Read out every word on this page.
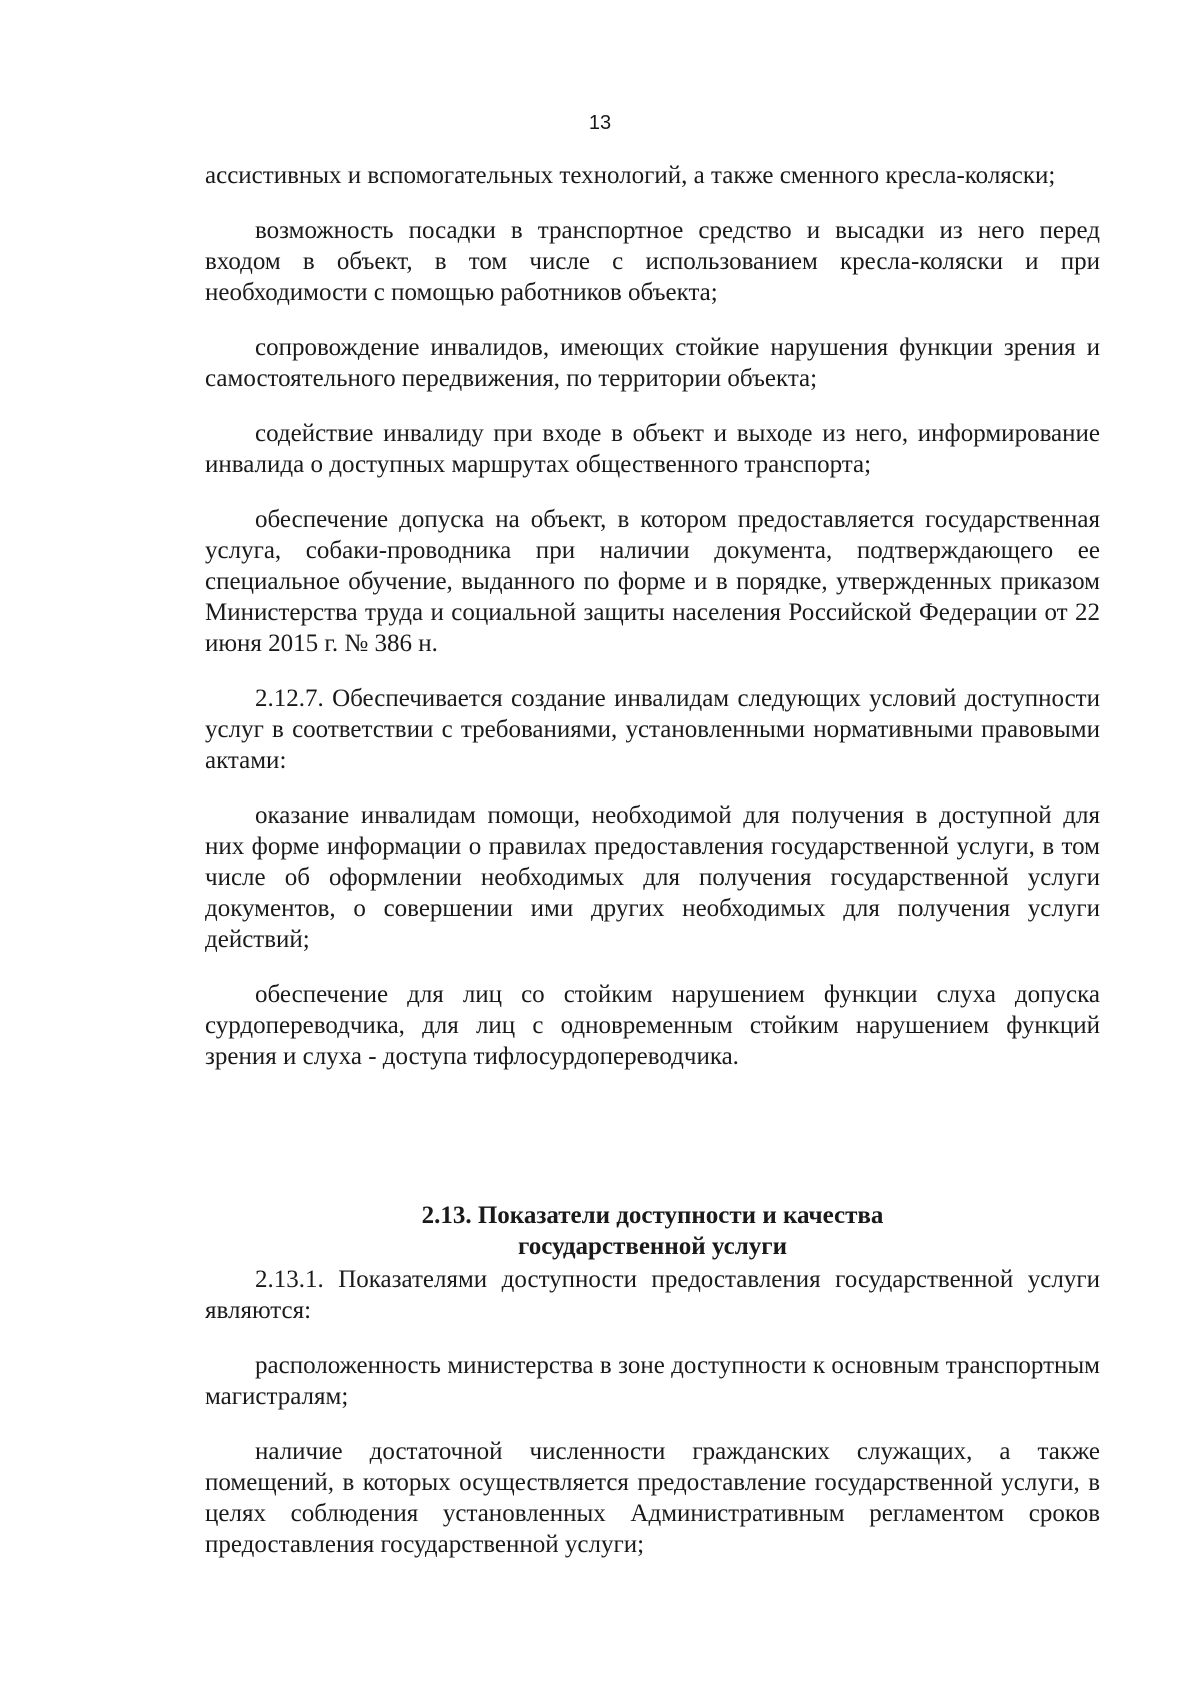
13

ассистивных и вспомогательных технологий, а также сменного кресла-коляски;

возможность посадки в транспортное средство и высадки из него перед входом в объект, в том числе с использованием кресла-коляски и при необходимости с помощью работников объекта;

сопровождение инвалидов, имеющих стойкие нарушения функции зрения и самостоятельного передвижения, по территории объекта;

содействие инвалиду при входе в объект и выходе из него, информирование инвалида о доступных маршрутах общественного транспорта;

обеспечение допуска на объект, в котором предоставляется государственная услуга, собаки-проводника при наличии документа, подтверждающего ее специальное обучение, выданного по форме и в порядке, утвержденных приказом Министерства труда и социальной защиты населения Российской Федерации от 22 июня 2015 г. № 386 н.

2.12.7. Обеспечивается создание инвалидам следующих условий доступности услуг в соответствии с требованиями, установленными нормативными правовыми актами:

оказание инвалидам помощи, необходимой для получения в доступной для них форме информации о правилах предоставления государственной услуги, в том числе об оформлении необходимых для получения государственной услуги документов, о совершении ими других необходимых для получения услуги действий;

обеспечение для лиц со стойким нарушением функции слуха допуска сурдопереводчика, для лиц с одновременным стойким нарушением функций зрения и слуха - доступа тифлосурдопереводчика.

2.13. Показатели доступности и качества
государственной услуги

2.13.1. Показателями доступности предоставления государственной услуги являются:

расположенность министерства в зоне доступности к основным транспортным магистралям;

наличие достаточной численности гражданских служащих, а также помещений, в которых осуществляется предоставление государственной услуги, в целях соблюдения установленных Административным регламентом сроков предоставления государственной услуги;
